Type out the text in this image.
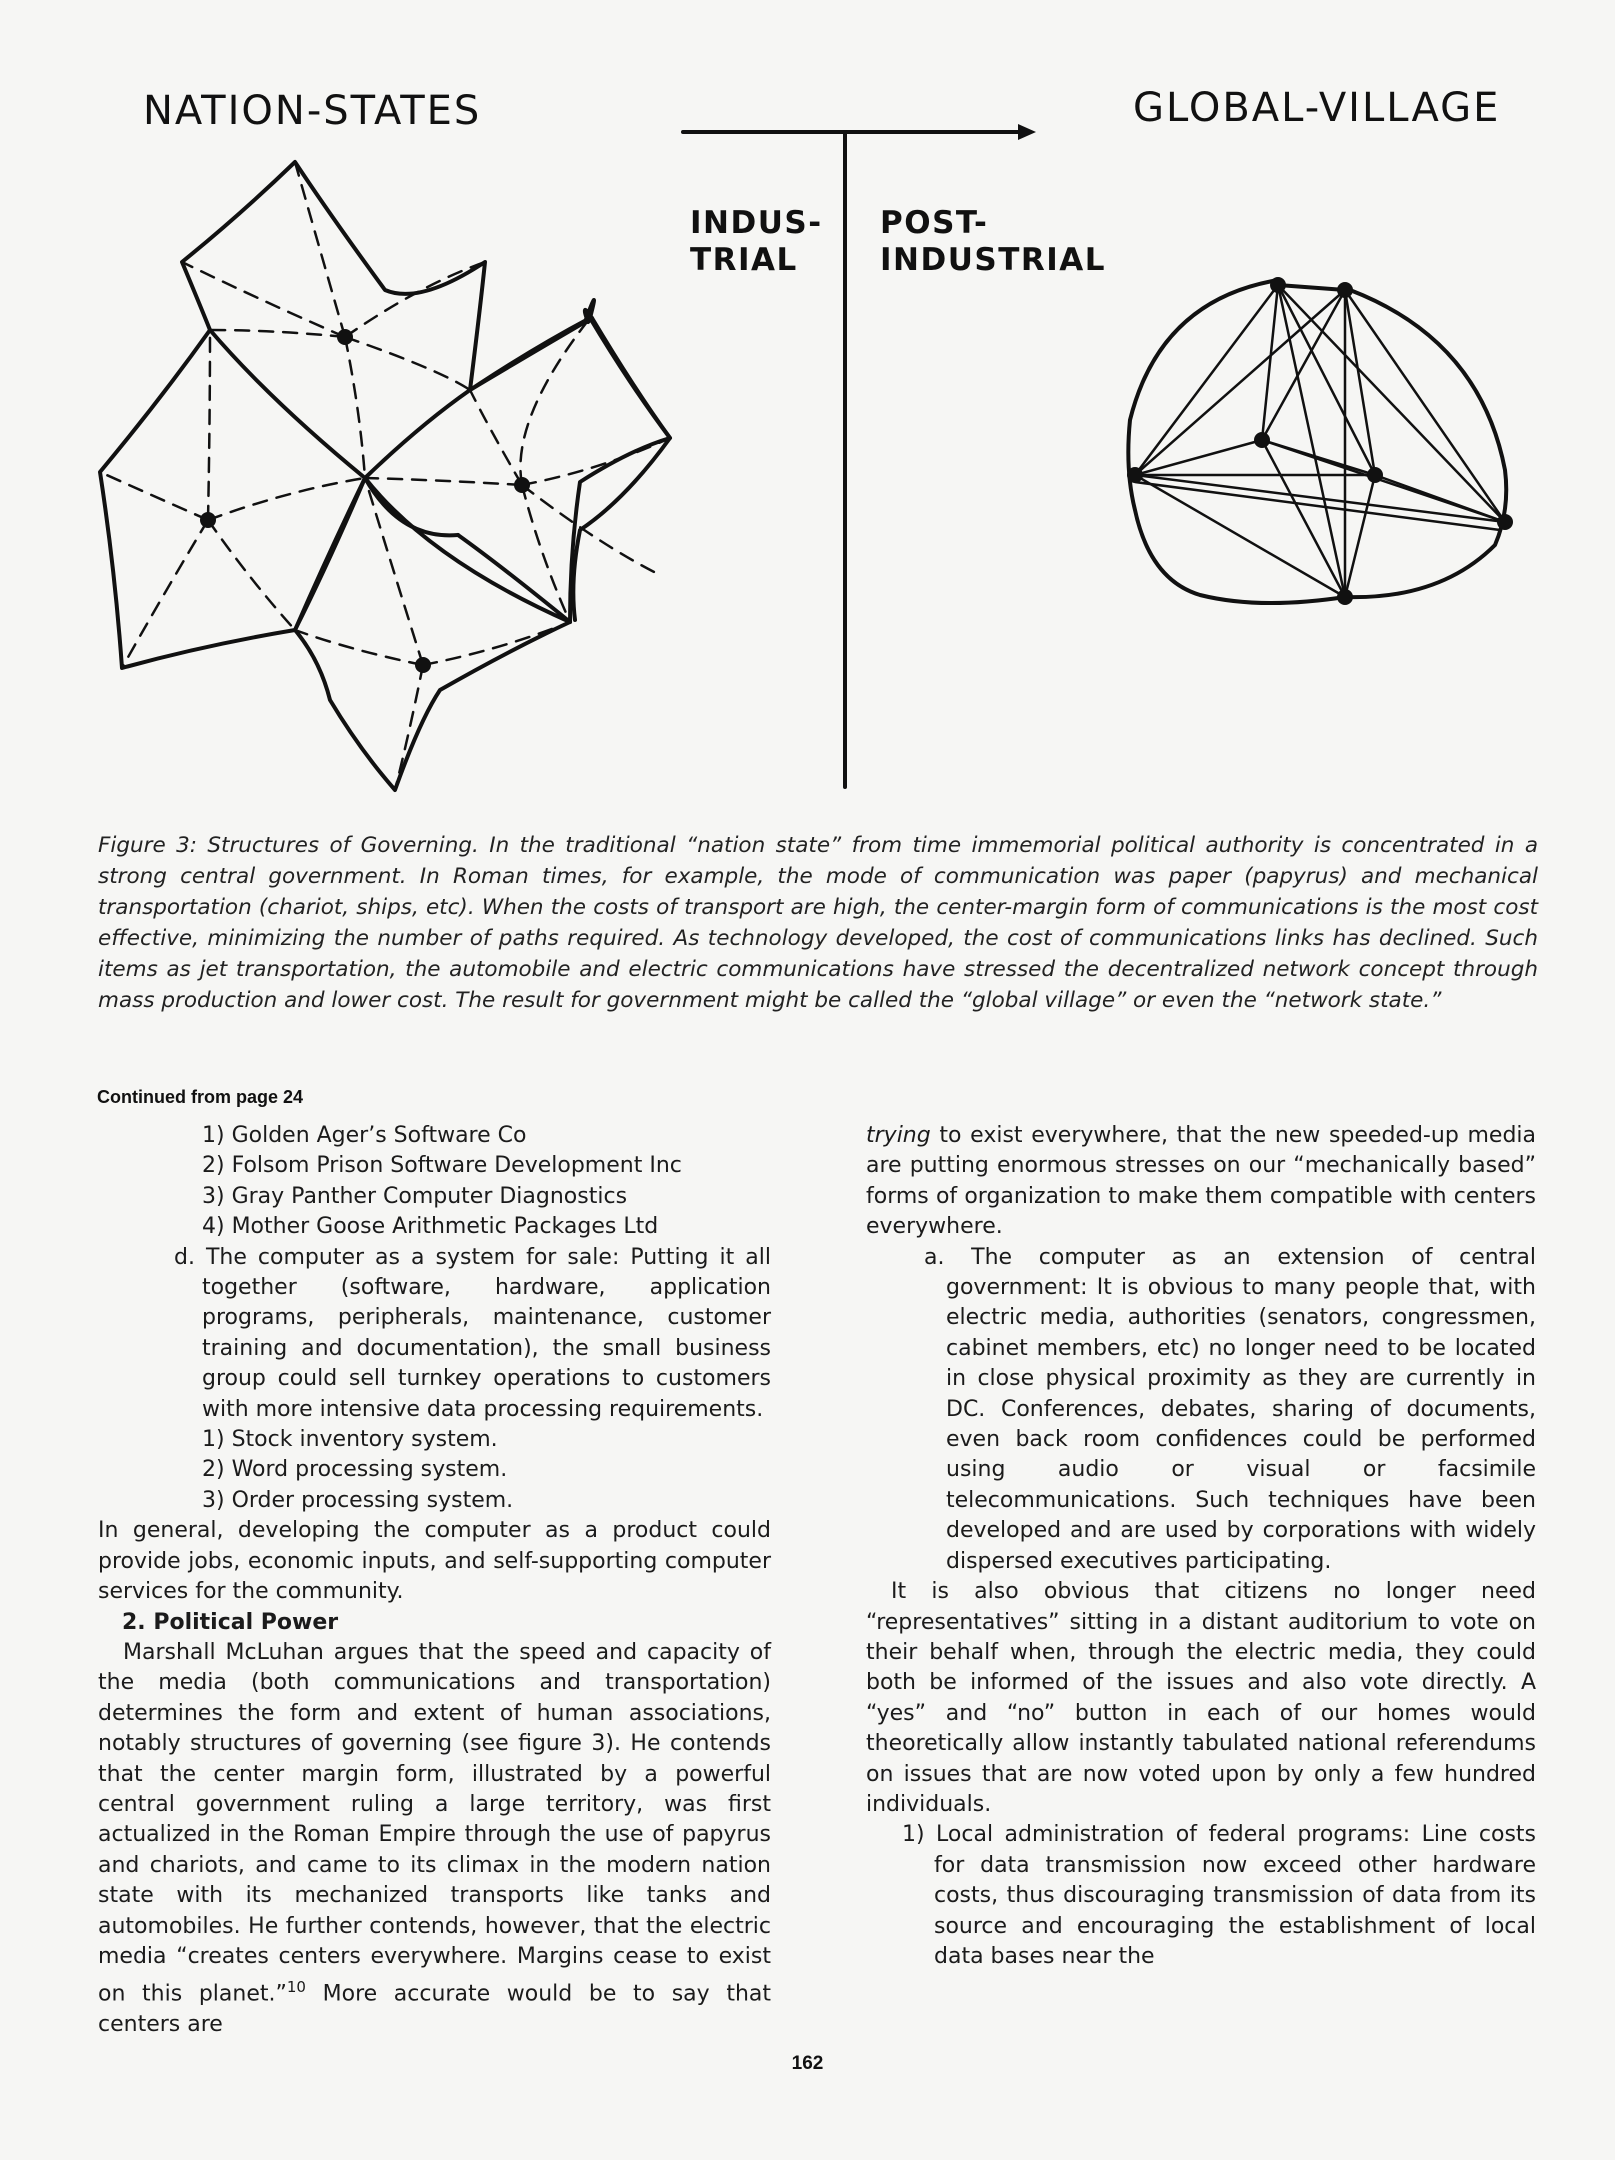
NATION-STATES	GLOBAL-VILLAGE
INDUS-
TRIAL
POST-
INDUSTRIAL
Figure 3: Structures of Governing. In the traditional “nation state” from time immemorial political authority is concentrated in a strong central government. In Roman times, for example, the mode of communication was paper (papyrus) and mechanical transportation (chariot, ships, etc). When the costs of transport are high, the center-margin form of communications is the most cost effective, minimizing the number of paths required. As technology developed, the cost of communications links has declined. Such items as jet transportation, the automobile and electric communications have stressed the decentralized network concept through mass production and lower cost. The result for government might be called the “global village” or even the “network state.”
Continued from page 24

1) Golden Ager’s Software Co

2) Folsom Prison Software Development Inc

3) Gray Panther Computer Diagnostics

4) Mother Goose Arithmetic Packages Ltd

d. The computer as a system for sale: Putting it all together (software, hardware, application programs, peripherals, maintenance, customer training and documentation), the small business group could sell turnkey operations to customers with more intensive data processing requirements.

1) Stock inventory system.

2) Word processing system.

3) Order processing system.

In general, developing the computer as a product could provide jobs, economic inputs, and self-supporting computer services for the community.

2. Political Power

Marshall McLuhan argues that the speed and capacity of the media (both communications and transportation) determines the form and extent of human associations, notably structures of governing (see figure 3). He contends that the center margin form, illustrated by a powerful central government ruling a large territory, was first actualized in the Roman Empire through the use of papyrus and chariots, and came to its climax in the modern nation state with its mechanized transports like tanks and automobiles. He further contends, however, that the electric media “creates centers everywhere. Margins cease to exist on this planet.”$^{10}$ More accurate would be to say that centers are

trying to exist everywhere, that the new speeded-up media are putting enormous stresses on our “mechanically based” forms of organization to make them compatible with centers everywhere.

a. The computer as an extension of central government: It is obvious to many people that, with electric media, authorities (senators, congressmen, cabinet members, etc) no longer need to be located in close physical proximity as they are currently in DC. Conferences, debates, sharing of documents, even back room confidences could be performed using audio or visual or facsimile telecommunications. Such techniques have been developed and are used by corporations with widely dispersed executives participating.

It is also obvious that citizens no longer need “representatives” sitting in a distant auditorium to vote on their behalf when, through the electric media, they could both be informed of the issues and also vote directly. A “yes” and “no” button in each of our homes would theoretically allow instantly tabulated national referendums on issues that are now voted upon by only a few hundred individuals.

1) Local administration of federal programs: Line costs for data transmission now exceed other hardware costs, thus discouraging transmission of data from its source and encouraging the establishment of local data bases near the

162
